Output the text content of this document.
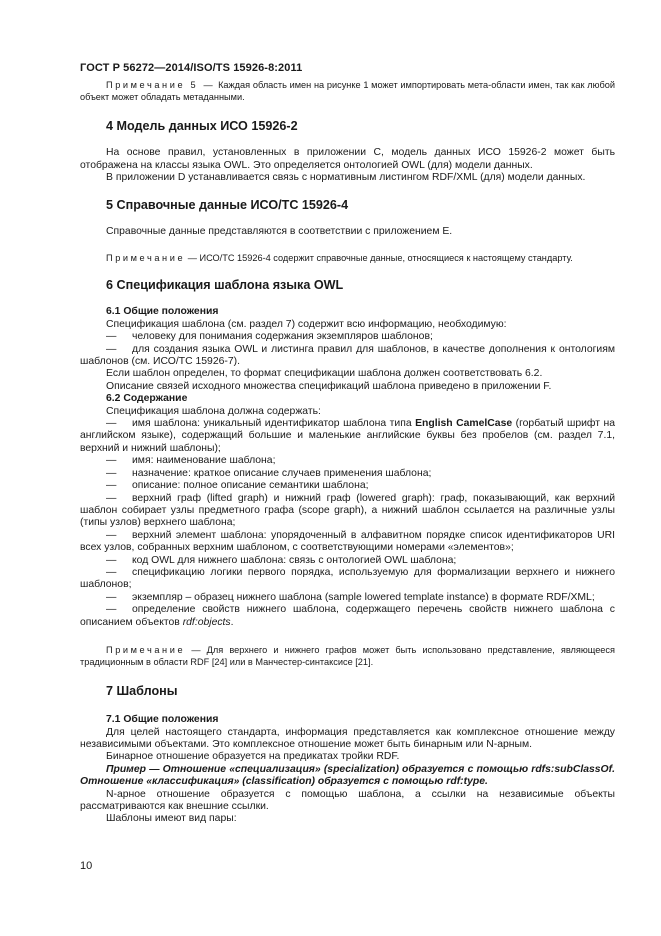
ГОСТ Р 56272—2014/ISO/TS 15926-8:2011

Примечание 5 — Каждая область имен на рисунке 1 может импортировать мета-области имен, так как любой объект может обладать метаданными.

4 Модель данных ИСО 15926-2

На основе правил, установленных в приложении С, модель данных ИСО 15926-2 может быть отображена на классы языка OWL. Это определяется онтологией OWL (для) модели данных.

В приложении D устанавливается связь с нормативным листингом RDF/XML (для) модели данных.

5 Справочные данные ИСО/ТС 15926-4

Справочные данные представляются в соответствии с приложением Е.

Примечание — ИСО/ТС 15926-4 содержит справочные данные, относящиеся к настоящему стандарту.

6 Спецификация шаблона языка OWL
6.1 Общие положения

Спецификация шаблона (см. раздел 7) содержит всю информацию, необходимую:

— человеку для понимания содержания экземпляров шаблонов;

— для создания языка OWL и листинга правил для шаблонов, в качестве дополнения к онтологиям шаблонов (см. ИСО/ТС 15926-7).

Если шаблон определен, то формат спецификации шаблона должен соответствовать 6.2.

Описание связей исходного множества спецификаций шаблона приведено в приложении F.

6.2 Содержание

Спецификация шаблона должна содержать:

— имя шаблона: уникальный идентификатор шаблона типа English CamelCase (горбатый шрифт на английском языке), содержащий большие и маленькие английские буквы без пробелов (см. раздел 7.1, верхний и нижний шаблоны);

— имя: наименование шаблона;

— назначение: краткое описание случаев применения шаблона;

— описание: полное описание семантики шаблона;

— верхний граф (lifted graph) и нижний граф (lowered graph): граф, показывающий, как верхний шаблон собирает узлы предметного графа (scope graph), а нижний шаблон ссылается на различные узлы (типы узлов) верхнего шаблона;

— верхний элемент шаблона: упорядоченный в алфавитном порядке список идентификаторов URI всех узлов, собранных верхним шаблоном, с соответствующими номерами «элементов»;

— код OWL для нижнего шаблона: связь с онтологией OWL шаблона;

— спецификацию логики первого порядка, используемую для формализации верхнего и нижнего шаблонов;

— экземпляр – образец нижнего шаблона (sample lowered template instance) в формате RDF/XML;

— определение свойств нижнего шаблона, содержащего перечень свойств нижнего шаблона с описанием объектов rdf:objects.

Примечание — Для верхнего и нижнего графов может быть использовано представление, являющееся традиционным в области RDF [24] или в Манчестер-синтаксисе [21].

7 Шаблоны
7.1 Общие положения

Для целей настоящего стандарта, информация представляется как комплексное отношение между независимыми объектами. Это комплексное отношение может быть бинарным или N-арным.

Бинарное отношение образуется на предикатах тройки RDF.

Пример — Отношение «специализация» (specialization) образуется с помощью rdfs:subClassOf. Отношение «классификация» (classification) образуется с помощью rdf:type.

N-арное отношение образуется с помощью шаблона, а ссылки на независимые объекты рассматриваются как внешние ссылки.

Шаблоны имеют вид пары:

10
